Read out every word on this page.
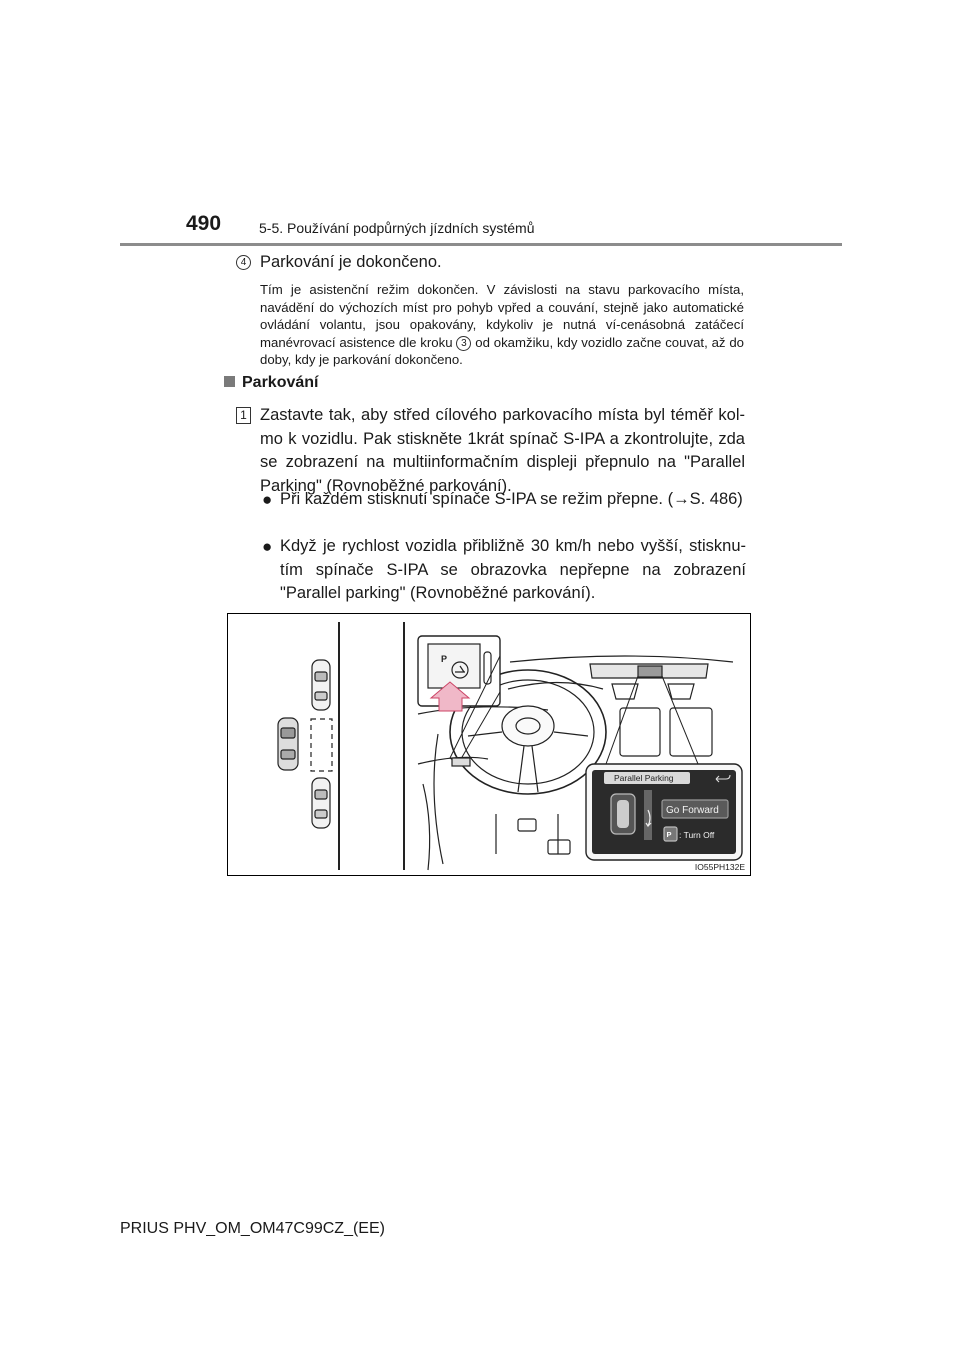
490	5-5. Používání podpůrných jízdních systémů
4 Parkování je dokončeno.
Tím je asistenční režim dokončen. V závislosti na stavu parkovacího místa, navádění do výchozích míst pro pohyb vpřed a couvání, stejně jako automatické ovládání volantu, jsou opakovány, kdykoliv je nutná ví-cenásobná zatáčecí manévrovací asistence dle kroku 3 od okamžiku, kdy vozidlo začne couvat, až do doby, kdy je parkování dokončeno.
Parkování
1 Zastavte tak, aby střed cílového parkovacího místa byl téměř kol-mo k vozidlu. Pak stiskněte 1krát spínač S-IPA a zkontrolujte, zda se zobrazení na multiinformačním displeji přepnulo na "Parallel Parking" (Rovnoběžné parkování).
● Při každém stisknutí spínače S-IPA se režim přepne. (→S. 486)
● Když je rychlost vozidla přibližně 30 km/h nebo vyšší, stisknu-tím spínače S-IPA se obrazovka nepřepne na zobrazení "Parallel parking" (Rovnoběžné parkování).
P
Parallel Parking
Go Forward
P : Turn Off
IO55PH132E
PRIUS PHV_OM_OM47C99CZ_(EE)
